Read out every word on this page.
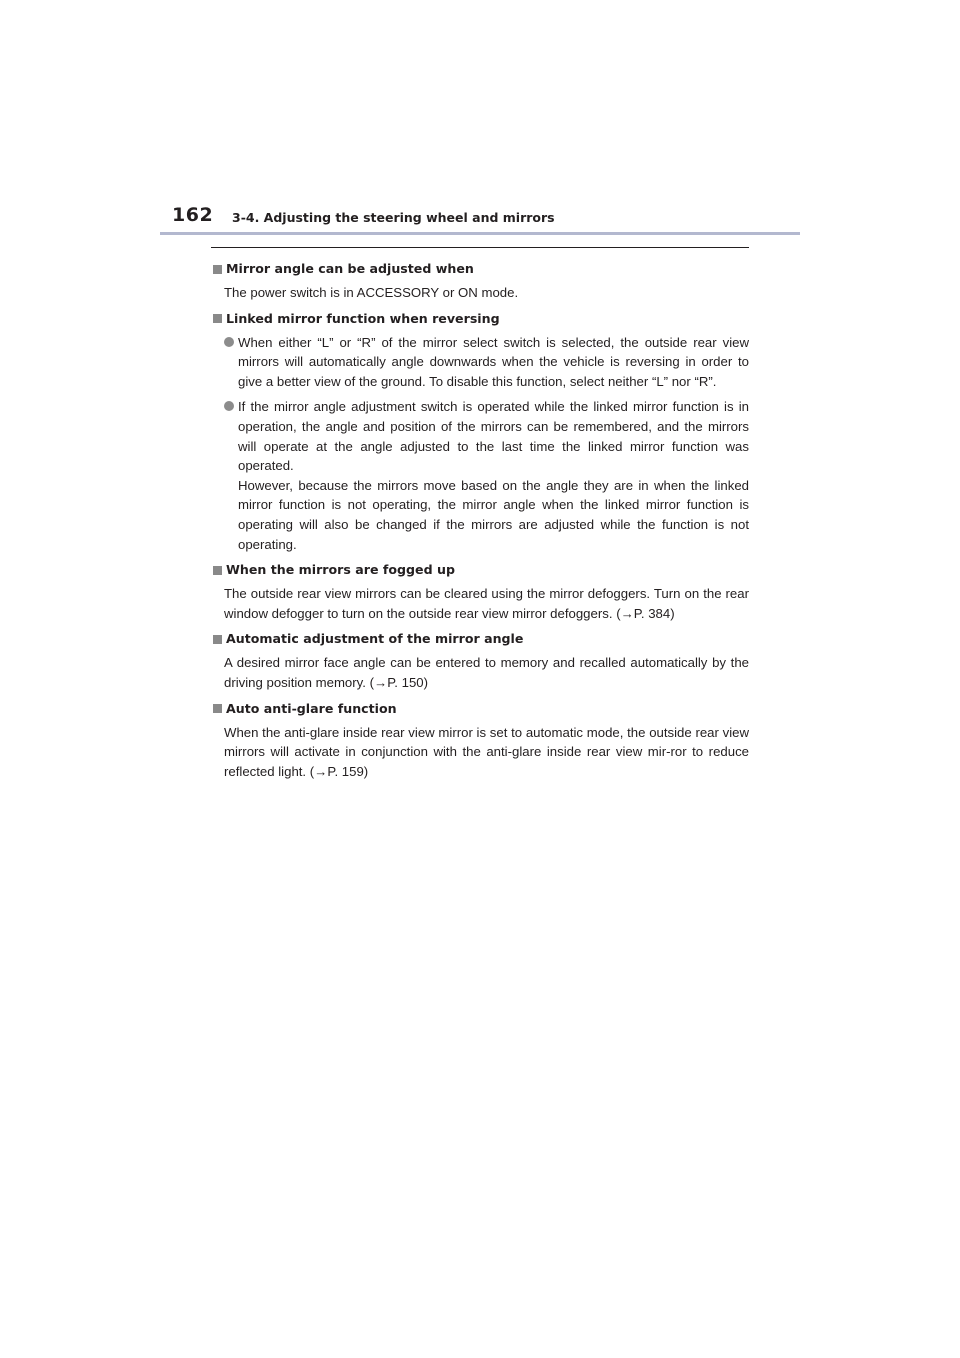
162 3-4. Adjusting the steering wheel and mirrors
Mirror angle can be adjusted when
The power switch is in ACCESSORY or ON mode.
Linked mirror function when reversing
When either “L” or “R” of the mirror select switch is selected, the outside rear view mirrors will automatically angle downwards when the vehicle is reversing in order to give a better view of the ground. To disable this function, select neither “L” nor “R”.
If the mirror angle adjustment switch is operated while the linked mirror function is in operation, the angle and position of the mirrors can be remembered, and the mirrors will operate at the angle adjusted to the last time the linked mirror function was operated.
However, because the mirrors move based on the angle they are in when the linked mirror function is not operating, the mirror angle when the linked mirror function is operating will also be changed if the mirrors are adjusted while the function is not operating.
When the mirrors are fogged up
The outside rear view mirrors can be cleared using the mirror defoggers. Turn on the rear window defogger to turn on the outside rear view mirror defoggers. (→P. 384)
Automatic adjustment of the mirror angle
A desired mirror face angle can be entered to memory and recalled automatically by the driving position memory. (→P. 150)
Auto anti-glare function
When the anti-glare inside rear view mirror is set to automatic mode, the outside rear view mirrors will activate in conjunction with the anti-glare inside rear view mir-ror to reduce reflected light. (→P. 159)
